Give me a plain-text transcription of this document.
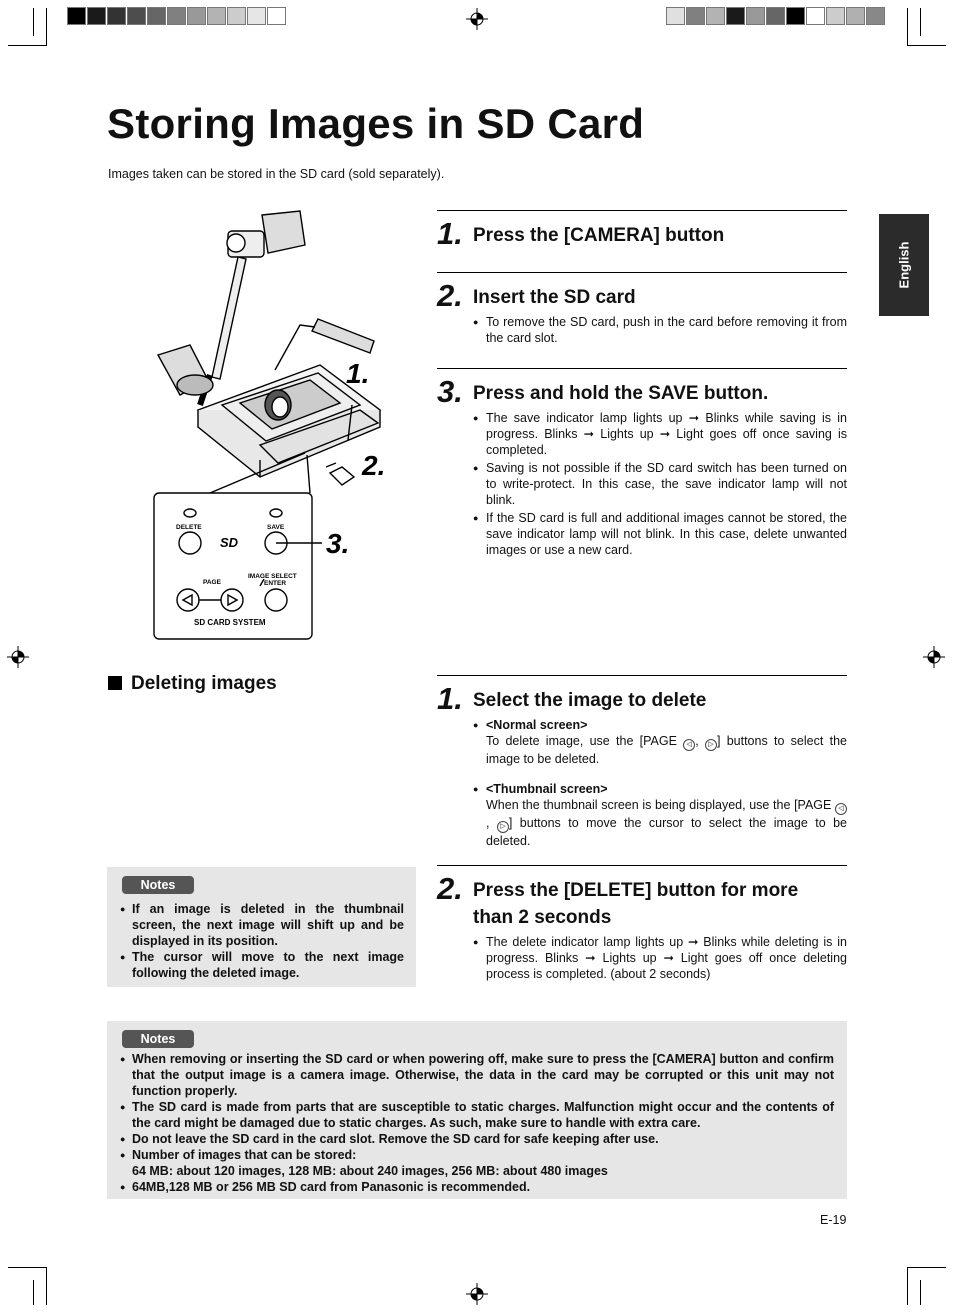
Storing Images in SD Card
Images taken can be stored in the SD card (sold separately).
English
DELETE	SAVE
SD
PAGE
IMAGE SELECT
ENTER
SD CARD SYSTEM
1.
2.
3.
1. Press the [CAMERA] button
2. Insert the SD card
● To remove the SD card, push in the card before removing it from the card slot.
3. Press and hold the SAVE button.
● The save indicator lamp lights up ➞ Blinks while saving is in progress. Blinks ➞ Lights up ➞ Light goes off once saving is completed.
● Saving is not possible if the SD card switch has been turned on to write-protect. In this case, the save indicator lamp will not blink.
● If the SD card is full and additional images cannot be stored, the save indicator lamp will not blink. In this case, delete unwanted images or use a new card.
Deleting images	1. Select the image to delete
● <Normal screen>
To delete image, use the [PAGE ◁ , ▷ ] buttons to select the image to be deleted.
● <Thumbnail screen>
When the thumbnail screen is being displayed, use the [PAGE ◁, ▷ ] buttons to move the cursor to select the image to be deleted.
2. Press the [DELETE] button for more than 2 seconds
● The delete indicator lamp lights up ➞ Blinks while deleting is in progress. Blinks ➞ Lights up ➞ Light goes off once deleting process is completed. (about 2 seconds)
Notes
● If an image is deleted in the thumbnail screen, the next image will shift up and be displayed in its position.
● The cursor will move to the next image following the deleted image.
Notes
● When removing or inserting the SD card or when powering off, make sure to press the [CAMERA] button and confirm that the output image is a camera image. Otherwise, the data in the card may be corrupted or this unit may not function properly.
● The SD card is made from parts that are susceptible to static charges. Malfunction might occur and the contents of the card might be damaged due to static charges. As such, make sure to handle with extra care.
● Do not leave the SD card in the card slot. Remove the SD card for safe keeping after use.
● Number of images that can be stored:
64 MB: about 120 images, 128 MB: about 240 images, 256 MB: about 480 images
● 64MB,128 MB or 256 MB SD card from Panasonic is recommended.
E-19
